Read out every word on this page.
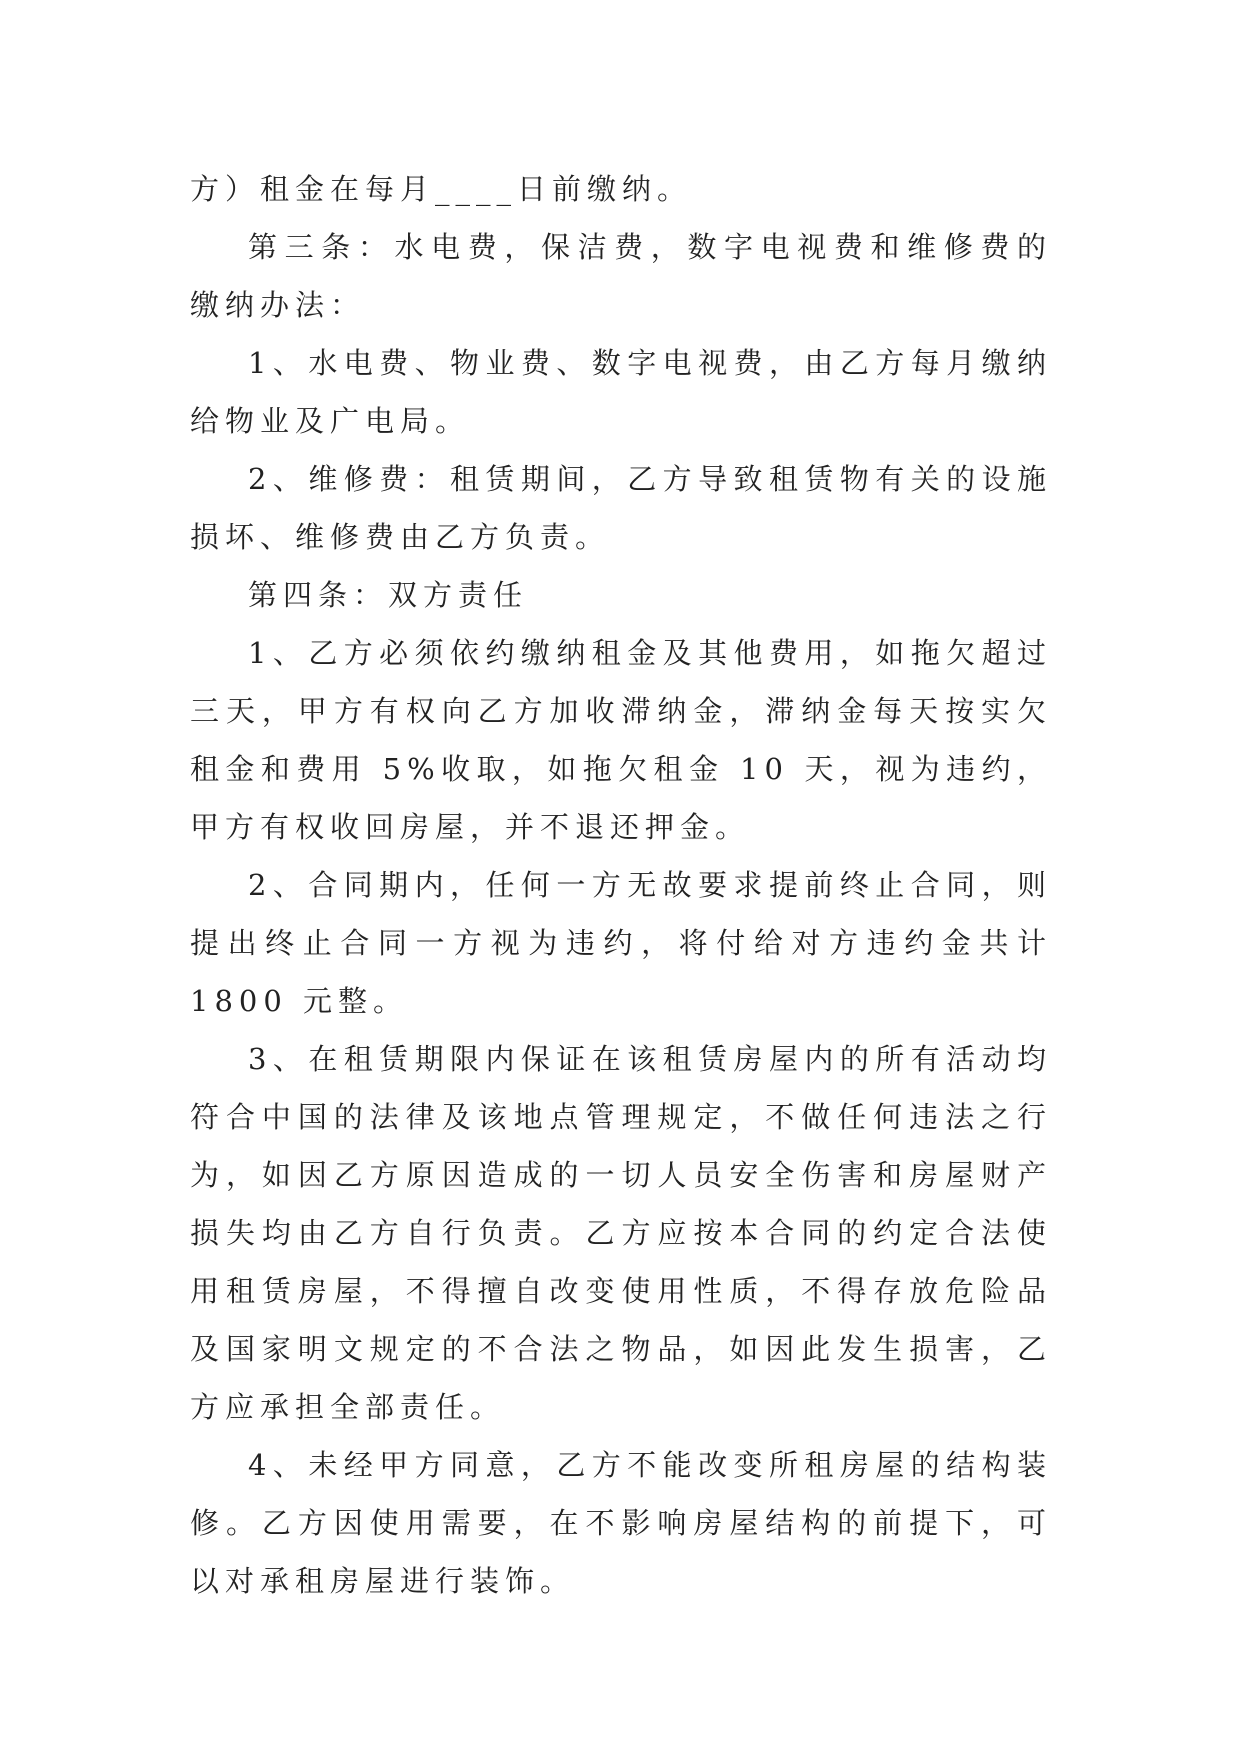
方）租金在每月____日前缴纳。

第三条：水电费，保洁费，数字电视费和维修费的缴纳办法：

1、水电费、物业费、数字电视费，由乙方每月缴纳给物业及广电局。

2、维修费：租赁期间，乙方导致租赁物有关的设施损坏、维修费由乙方负责。

第四条：双方责任

1、乙方必须依约缴纳租金及其他费用，如拖欠超过三天，甲方有权向乙方加收滞纳金，滞纳金每天按实欠租金和费用 5%收取，如拖欠租金 10 天，视为违约，甲方有权收回房屋，并不退还押金。

2、合同期内，任何一方无故要求提前终止合同，则提出终止合同一方视为违约，将付给对方违约金共计 1800 元整。

3、在租赁期限内保证在该租赁房屋内的所有活动均符合中国的法律及该地点管理规定，不做任何违法之行为，如因乙方原因造成的一切人员安全伤害和房屋财产损失均由乙方自行负责。乙方应按本合同的约定合法使用租赁房屋，不得擅自改变使用性质，不得存放危险品及国家明文规定的不合法之物品，如因此发生损害，乙方应承担全部责任。

4、未经甲方同意，乙方不能改变所租房屋的结构装修。乙方因使用需要，在不影响房屋结构的前提下，可以对承租房屋进行装饰。
